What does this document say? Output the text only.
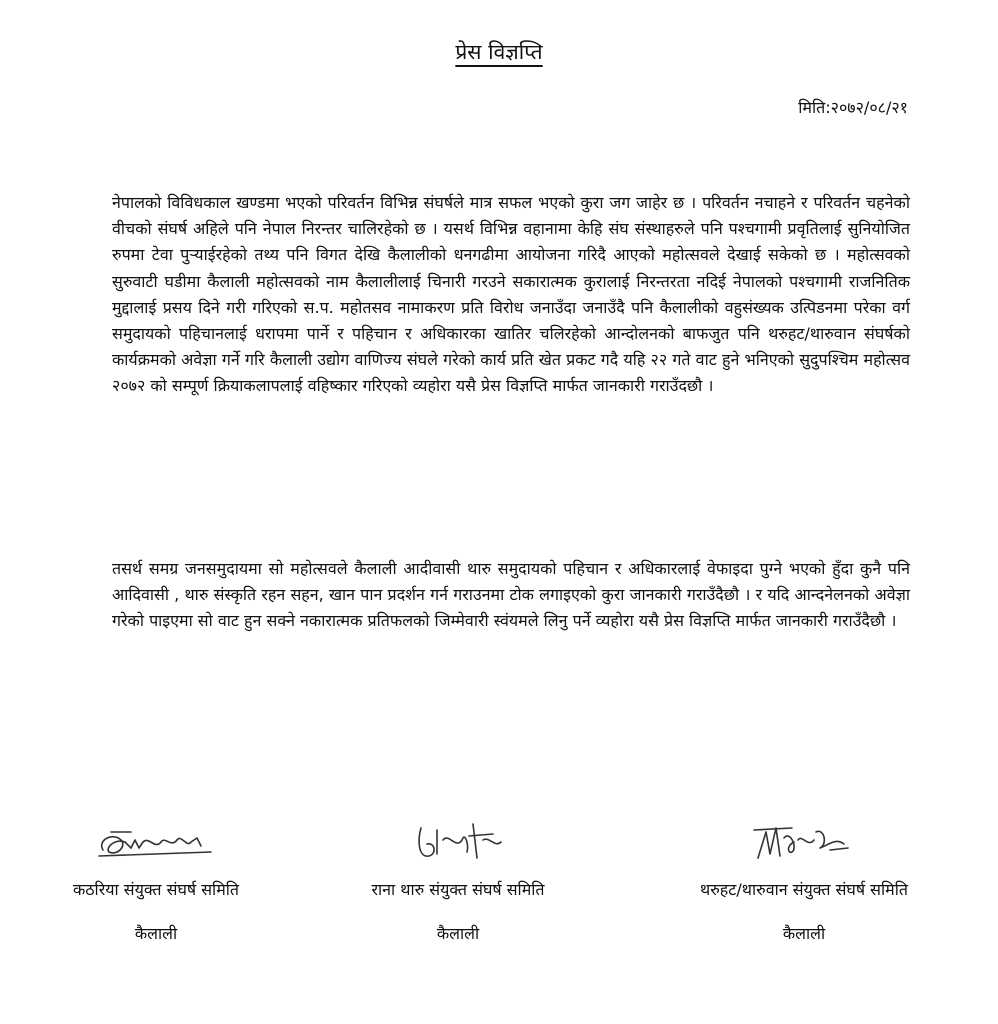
प्रेस विज्ञप्ति
मिति:२०७२/०८/२१

नेपालको विविधकाल खण्डमा भएको परिवर्तन विभिन्न संघर्षले मात्र सफल भएको कुरा जग जाहेर छ । परिवर्तन नचाहने र परिवर्तन चहनेको वीचको संघर्ष अहिले पनि नेपाल निरन्तर चालिरहेको छ । यसर्थ विभिन्न वहानामा केहि संघ संस्थाहरुले पनि पश्चगामी प्रवृतिलाई सुनियोजित रुपमा टेवा पुऱ्याईरहेको तथ्य पनि विगत देखि कैलालीको धनगढीमा आयोजना गरिदै आएको महोत्सवले देखाई सकेको छ । महोत्सवको सुरुवाटी घडीमा कैलाली महोत्सवको नाम कैलालीलाई चिनारी गरउने सकारात्मक कुरालाई निरन्तरता नदिई नेपालको पश्चगामी राजनितिक मुद्दालाई प्रसय दिने गरी गरिएको स.प. महोतसव नामाकरण प्रति विरोध जनाउँदा जनाउँदै पनि कैलालीको वहुसंख्यक उत्पिडनमा परेका वर्ग समुदायको पहिचानलाई धरापमा पार्ने र पहिचान र अधिकारका खातिर चलिरहेको आन्दोलनको बाफजुत पनि थरुहट/थारुवान संघर्षको कार्यक्रमको अवेज्ञा गर्ने गरि कैलाली उद्योग वाणिज्य संघले गरेको कार्य प्रति खेत प्रकट गदै यहि २२ गते वाट हुने भनिएको सुदुपश्चिम महोत्सव २०७२ को सम्पूर्ण क्रियाकलापलाई वहिष्कार गरिएको व्यहोरा यसै प्रेस विज्ञप्ति मार्फत जानकारी गराउँदछौ ।

तसर्थ समग्र जनसमुदायमा सो महोत्सवले कैलाली आदीवासी थारु समुदायको पहिचान र अधिकारलाई वेफाइदा पुग्ने भएको हुँदा कुनै पनि आदिवासी , थारु संस्कृति रहन सहन, खान पान प्रदर्शन गर्न गराउनमा टोक लगाइएको कुरा जानकारी गराउँदैछौ । र यदि आन्दनेलनको अवेज्ञा गरेको पाइएमा सो वाट हुन सक्ने नकारात्मक प्रतिफलको जिम्मेवारी स्वंयमले लिनु पर्ने व्यहोरा यसै प्रेस विज्ञप्ति मार्फत जानकारी गराउँदैछौ ।

कठरिया संयुक्त संघर्ष समिति
कैलाली
राना थारु संयुक्त संघर्ष समिति
कैलाली
थरुहट/थारुवान संयुक्त संघर्ष समिति
कैलाली
